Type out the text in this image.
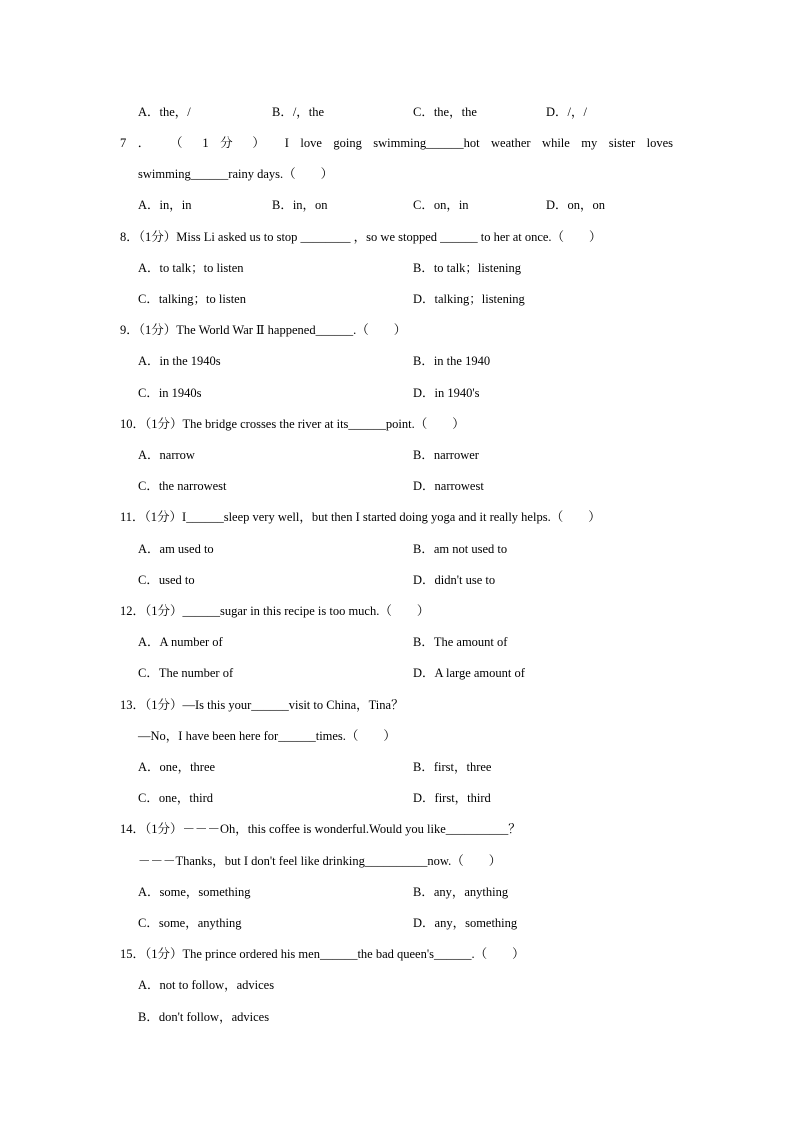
A．the，/	B．/，the	C．the，the	D．/，/
7 ． （ 1 分 ） I love going swimming______hot weather while my sister loves
swimming______rainy days.（　　）
A．in，in	B．in，on	C．on，in	D．on，on
8．（1分）Miss Li asked us to stop ________ ，so we stopped ______ to her at once.（　　）
A．to talk；to listen	B．to talk；listening
C．talking；to listen	D．talking；listening
9．（1分）The World War Ⅱ happened______.（　　）
A．in the 1940s	B．in the 1940
C．in 1940s	D．in 1940's
10．（1分）The bridge crosses the river at its______point.（　　）
A．narrow	B．narrower
C．the narrowest	D．narrowest
11．（1分）I______sleep very well，but then I started doing yoga and it really helps.（　　）
A．am used to	B．am not used to
C．used to	D．didn't use to
12．（1分）______sugar in this recipe is too much.（　　）
A．A number of	B．The amount of
C．The number of	D．A large amount of
13．（1分）—Is this your______visit to China，Tina？
—No，I have been here for______times.（　　）
A．one，three	B．first，three
C．one，third	D．first，third
14．（1分）－－－Oh，this coffee is wonderful.Would you like__________？
－－－Thanks，but I don't feel like drinking__________now.（　　）
A．some，something	B．any，anything
C．some，anything	D．any，something
15．（1分）The prince ordered his men______the bad queen's______.（　　）
A．not to follow，advices
B．don't follow，advices
